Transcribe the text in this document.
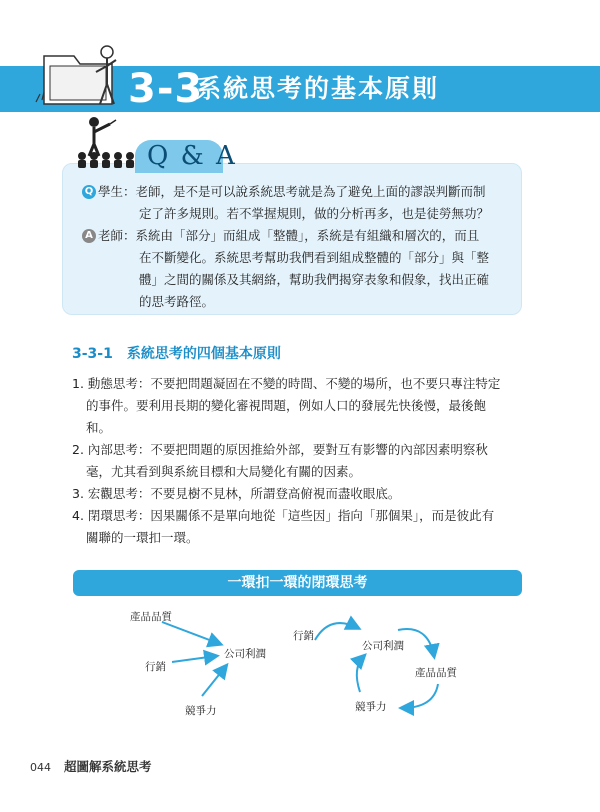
3-3
系統思考的基本原則
Q & A
Q 學生：老師，是不是可以說系統思考就是為了避免上面的謬誤判斷而制
定了許多規則。若不掌握規則，做的分析再多，也是徒勞無功？
A 老師：系統由「部分」而組成「整體」，系統是有組織和層次的，而且
在不斷變化。系統思考幫助我們看到組成整體的「部分」與「整
體」之間的關係及其網絡，幫助我們揭穿表象和假象，找出正確
的思考路徑。
3-3-1 系統思考的四個基本原則
1. 動態思考：不要把問題凝固在不變的時間、不變的場所，也不要只專注特定
的事件。要利用長期的變化審視問題，例如人口的發展先快後慢，最後飽
和。
2. 內部思考：不要把問題的原因推給外部，要對互有影響的內部因素明察秋
毫，尤其看到與系統目標和大局變化有關的因素。
3. 宏觀思考：不要見樹不見林，所謂登高俯視而盡收眼底。
4. 閉環思考：因果關係不是單向地從「這些因」指向「那個果」，而是彼此有
關聯的一環扣一環。
一環扣一環的閉環思考
產品品質
行銷
公司利潤
競爭力
行銷
公司利潤
產品品質
競爭力
044 超圖解系統思考
